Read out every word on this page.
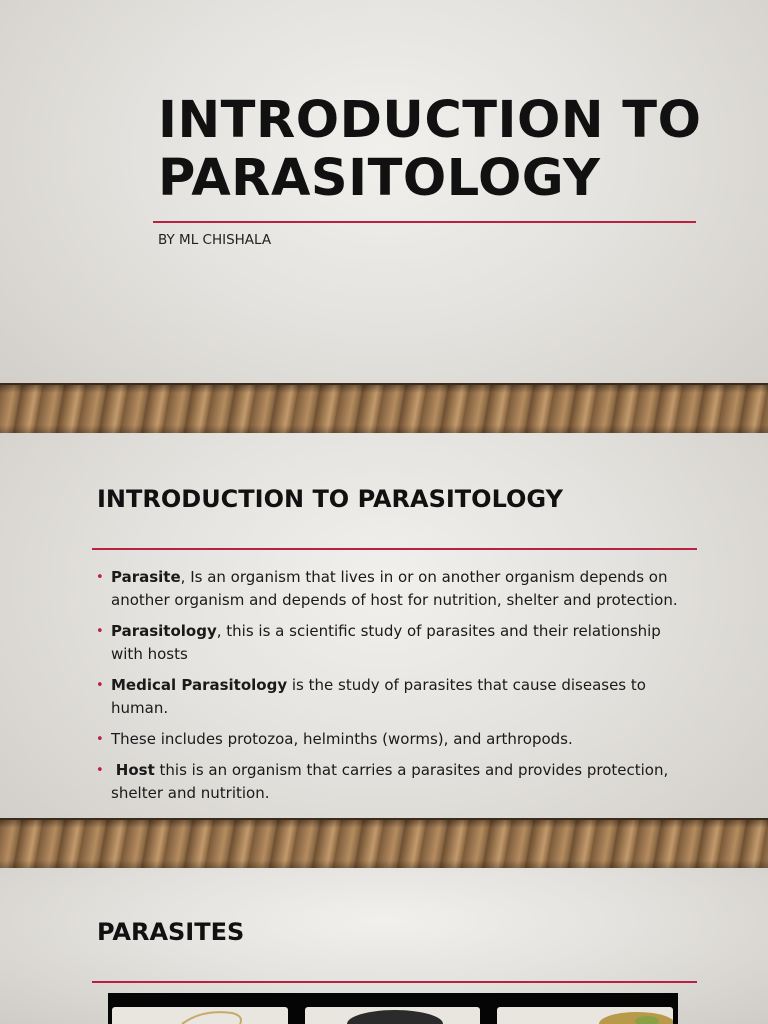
INTRODUCTION TO PARASITOLOGY
BY ML CHISHALA
INTRODUCTION TO PARASITOLOGY
• Parasite, Is an organism that lives in or on another organism depends on another organism and depends of host for nutrition, shelter and protection.
• Parasitology, this is a scientific study of parasites and their relationship with hosts
• Medical Parasitology is the study of parasites that cause diseases to human.
• These includes protozoa, helminths (worms), and arthropods.
• Host this is an organism that carries a parasites and provides protection, shelter and nutrition.
PARASITES
